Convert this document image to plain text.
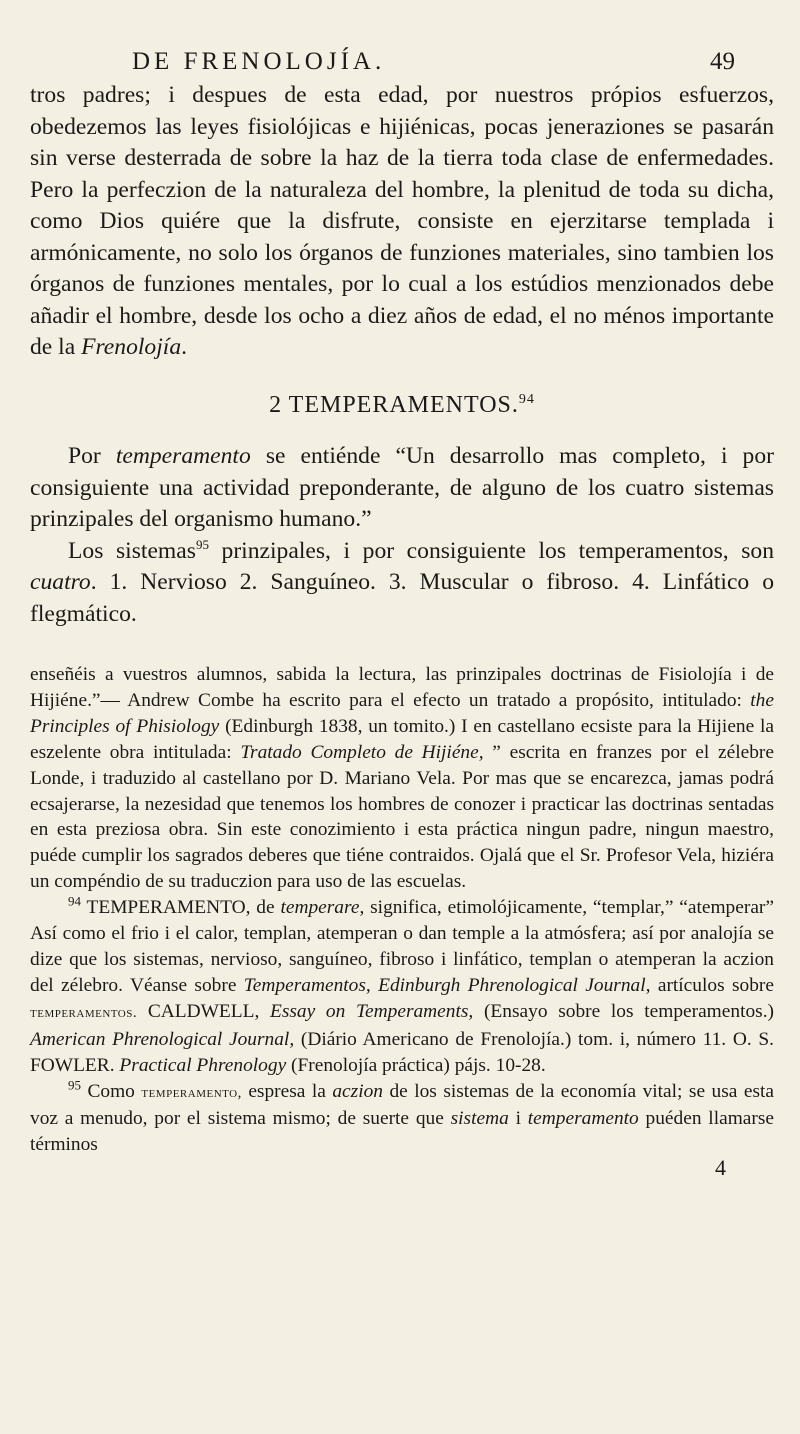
DE FRENOLOJÍA.	49

tros padres; i despues de esta edad, por nuestros própios esfuerzos, obedezemos las leyes fisiolójicas e hijiénicas, pocas jeneraziones se pasarán sin verse desterrada de sobre la haz de la tierra toda clase de enfermedades. Pero la perfeczion de la naturaleza del hombre, la plenitud de toda su dicha, como Dios quiére que la disfrute, consiste en ejerzitarse templada i armónicamente, no solo los órganos de funziones materiales, sino tambien los órganos de funziones mentales, por lo cual a los estúdios menzionados debe añadir el hombre, desde los ocho a diez años de edad, el no ménos importante de la Frenolojía.

2 TEMPERAMENTOS.$^{94}$

Por temperamento se entiénde “Un desarrollo mas completo, i por consiguiente una actividad preponderante, de alguno de los cuatro sistemas prinzipales del organismo humano.”

Los sistemas$^{95}$ prinzipales, i por consiguiente los temperamentos, son cuatro. 1. Nervioso 2. Sanguíneo. 3. Muscular o fibroso. 4. Linfático o flegmático.

enseñéis a vuestros alumnos, sabida la lectura, las prinzipales doctrinas de Fisiolojía i de Hijiéne.”— Andrew Combe ha escrito para el efecto un tratado a propósito, intitulado: the Principles of Phisiology (Edinburgh 1838, un tomito.) I en castellano ecsiste para la Hijiene la eszelente obra intitulada: Tratado Completo de Hijiéne, ” escrita en franzes por el zélebre Londe, i traduzido al castellano por D. Mariano Vela. Por mas que se encarezca, jamas podrá ecsajerarse, la nezesidad que tenemos los hombres de conozer i practicar las doctrinas sentadas en esta preziosa obra. Sin este conozimiento i esta práctica ningun padre, ningun maestro, puéde cumplir los sagrados deberes que tiéne contraidos. Ojalá que el Sr. Profesor Vela, hiziéra un compéndio de su traduczion para uso de las escuelas.

$^{94}$ TEMPERAMENTO, de temperare, significa, etimolójicamente, “templar,” “atemperar” Así como el frio i el calor, templan, atemperan o dan temple a la atmósfera; así por analojía se dize que los sistemas, nervioso, sanguíneo, fibroso i linfático, templan o atemperan la aczion del zélebro. Véanse sobre Temperamentos, Edinburgh Phrenological Journal, artículos sobre temperamentos. CALDWELL, Essay on Temperaments, (Ensayo sobre los temperamentos.) American Phrenological Journal, (Diário Americano de Frenolojía.) tom. i, número 11. O. S. FOWLER. Practical Phrenology (Frenolojía práctica) pájs. 10-28.

$^{95}$ Como temperamento, espresa la aczion de los sistemas de la economía vital; se usa esta voz a menudo, por el sistema mismo; de suerte que sistema i temperamento puéden llamarse términos

4
